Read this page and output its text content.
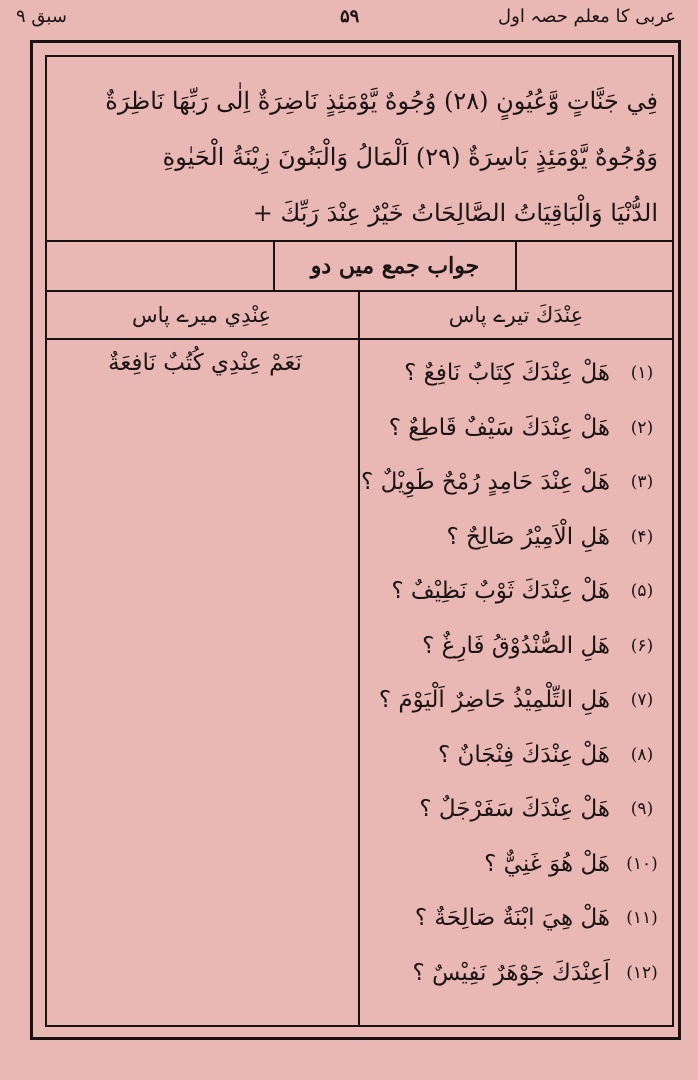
عربی کا معلم حصہ اول
۵۹
سبق ۹
فِي جَنَّاتٍ وَّعُيُونٍ (۲۸) وُجُوهٌ يَّوْمَئِذٍ نَاضِرَةٌ اِلٰى رَبِّهَا نَاظِرَةٌ
وَوُجُوهٌ يَّوْمَئِذٍ بَاسِرَةٌ (۲۹) اَلْمَالُ وَالْبَنُونَ زِيْنَةُ الْحَيٰوةِ
الدُّنْيَا وَالْبَاقِيَاتُ الصَّالِحَاتُ خَيْرٌ عِنْدَ رَبِّكَ +
جواب جمع میں دو
عِنْدَكَ تیرے پاس
عِنْدِي میرے پاس
نَعَمْ عِنْدِي كُتُبٌ نَافِعَةٌ	(۱)
هَلْ عِنْدَكَ كِتَابٌ نَافِعٌ ؟
(۲)
هَلْ عِنْدَكَ سَيْفٌ قَاطِعٌ ؟
(۳)
هَلْ عِنْدَ حَامِدٍ رُمْحٌ طَوِيْلٌ ؟
(۴)
هَلِ الْاَمِيْرُ صَالِحٌ ؟
(۵)
هَلْ عِنْدَكَ ثَوْبٌ نَظِيْفٌ ؟
(۶)
هَلِ الصُّنْدُوْقُ فَارِغٌ ؟
(۷)
هَلِ التِّلْمِيْذُ حَاضِرٌ اَلْيَوْمَ ؟
(۸)
هَلْ عِنْدَكَ فِنْجَانٌ ؟
(۹)
هَلْ عِنْدَكَ سَفَرْجَلٌ ؟
(۱۰)
هَلْ هُوَ غَنِيٌّ ؟
(۱۱)
هَلْ هِيَ ابْنَةٌ صَالِحَةٌ ؟
(۱۲)
اَعِنْدَكَ جَوْهَرٌ نَفِيْسٌ ؟
